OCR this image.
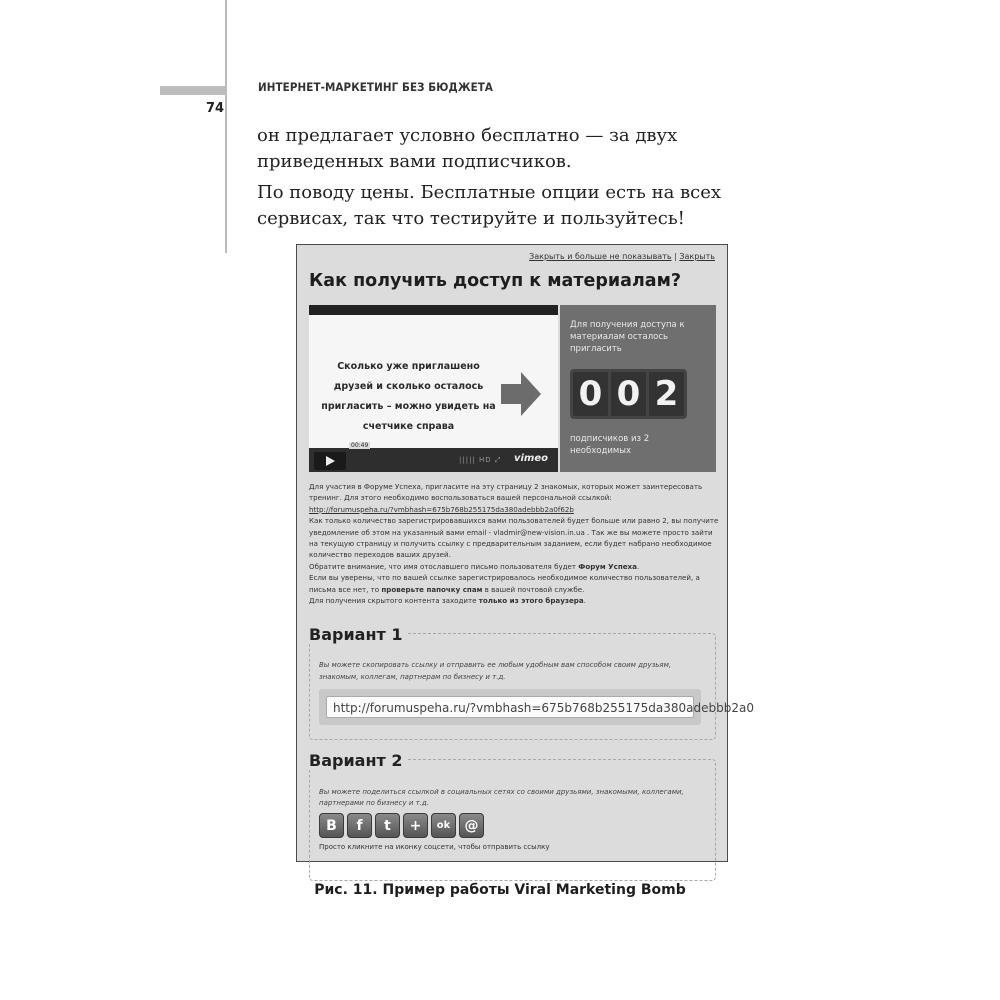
74
ИНТЕРНЕТ-МАРКЕТИНГ БЕЗ БЮДЖЕТА
он предлагает условно бесплатно — за двух приведенных вами подписчиков.
По поводу цены. Бесплатные опции есть на всех сервисах, так что тестируйте и пользуйтесь!
Закрыть и больше не показывать | Закрыть
Как получить доступ к материалам?
Сколько уже приглашено друзей и сколько осталось пригласить – можно увидеть на счетчике справа
00:49
||||| HD ⤢ vimeo
Для получения доступа к материалам осталось пригласить
0 0 2
подписчиков из 2 необходимых
Для участия в Форуме Успеха, пригласите на эту страницу 2 знакомых, которых может заинтересовать тренинг. Для этого необходимо воспользоваться вашей персональной ссылкой:
http://forumuspeha.ru/?vmbhash=675b768b255175da380adebbb2a0f62b
Как только количество зарегистрировавшихся вами пользователей будет больше или равно 2, вы получите уведомление об этом на указанный вами email - vladmir@new-vision.in.ua . Так же вы можете просто зайти на текущую страницу и получить ссылку с предварительным заданием, если будет набрано необходимое количество переходов ваших друзей.
Обратите внимание, что имя отославшего письмо пользователя будет Форум Успеха.
Если вы уверены, что по вашей ссылке зарегистрировалось необходимое количество пользователей, а письма все нет, то проверьте папочку спам в вашей почтовой службе.
Для получения скрытого контента заходите только из этого браузера.
Вариант 1
Вы можете скопировать ссылку и отправить ее любым удобным вам способом своим друзьям, знакомым, коллегам, партнерам по бизнесу и т.д.
http://forumuspeha.ru/?vmbhash=675b768b255175da380adebbb2a0
Вариант 2
Вы можете поделиться ссылкой в социальных сетях со своими друзьями, знакомыми, коллегами, партнерами по бизнесу и т.д.
В	f	t	+	ok	@
Просто кликните на иконку соцсети, чтобы отправить ссылку
Рис. 11. Пример работы Viral Marketing Bomb
